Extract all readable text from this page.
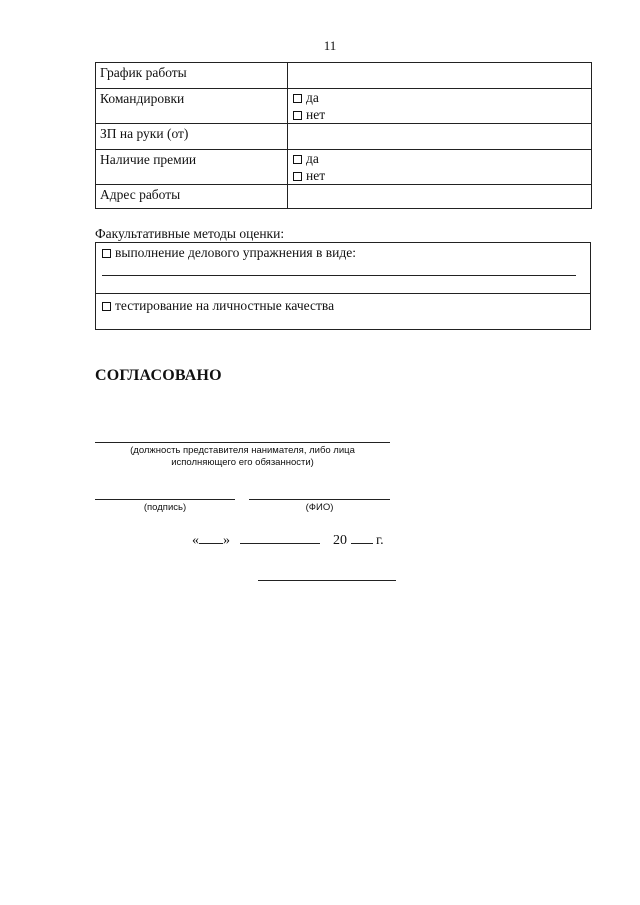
11
График работы	

Командировки	да
нет

ЗП на руки (от)	

Наличие премии	да
нет

Адрес работы	

Факультативные методы оценки:
выполнение делового упражнения в виде:
тестирование на личностные качества
СОГЛАСОВАНО
(должность представителя нанимателя, либо лица
исполняющего его обязанности)
(подпись)	(ФИО)
« »	20 г.
